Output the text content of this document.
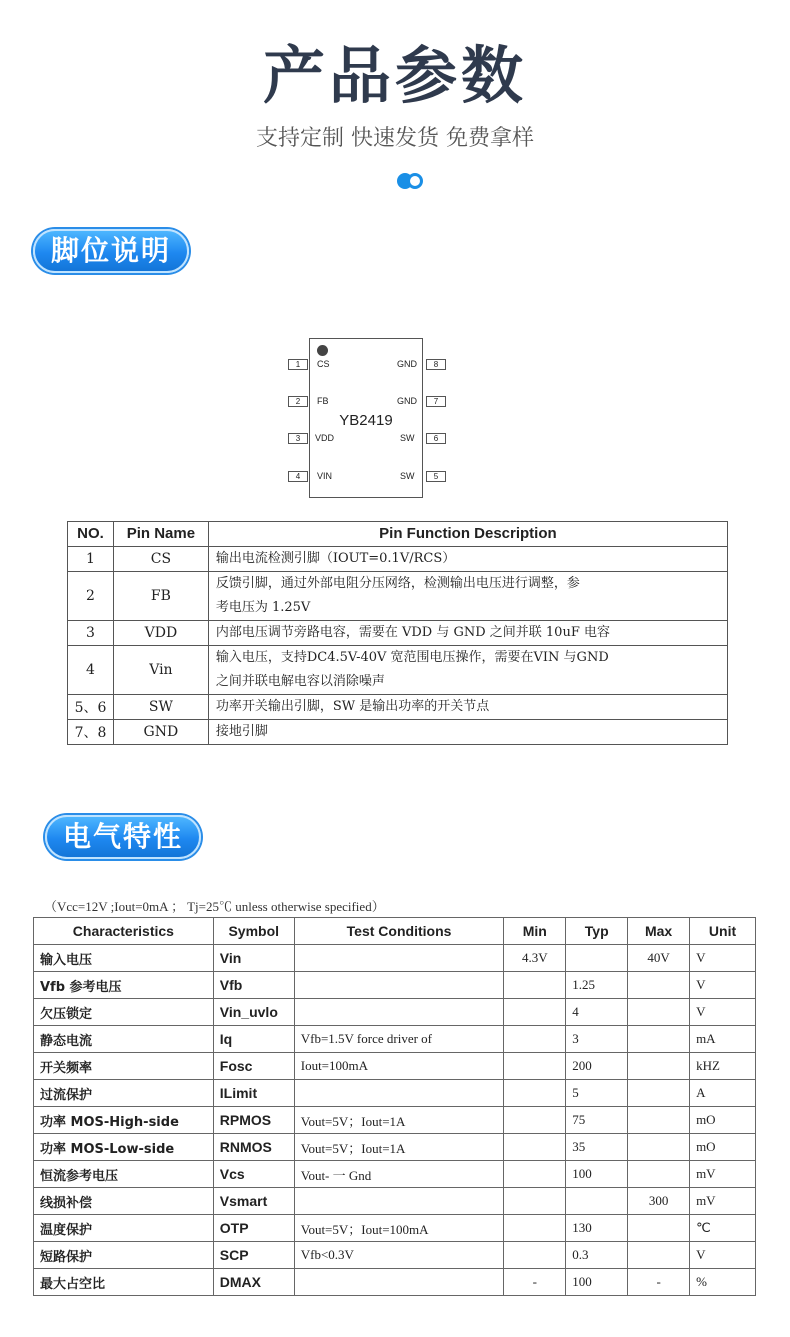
产品参数
支持定制 快速发货 免费拿样
脚位说明
YB2419
1	CS
2	FB
3	VDD
4	VIN
8
GND
7
GND
6
SW
5
SW
NO.	Pin Name	Pin Function Description
1	CS	输出电流检测引脚（IOUT=0.1V/RCS）
2	FB	反馈引脚，通过外部电阻分压网络，检测输出电压进行调整，参
		考电压为 1.25V
3	VDD	内部电压调节旁路电容，需要在 VDD 与 GND 之间并联 10uF 电容
4	Vin	输入电压，支持DC4.5V-40V 宽范围电压操作，需要在VIN 与GND
		之间并联电解电容以消除噪声
5、6	SW	功率开关输出引脚，SW 是输出功率的开关节点
7、8	GND	接地引脚
电气特性
（Vcc=12V ;Iout=0mA ； Tj=25℃ unless otherwise specified）
Characteristics	Symbol	Test Conditions	Min	Typ	Max	Unit
输入电压	Vin		4.3V		40V	V
Vfb 参考电压	Vfb			1.25		V
欠压锁定	Vin_uvlo			4		V
静态电流	Iq	Vfb=1.5V force driver of		3		mA
开关频率	Fosc	Iout=100mA		200		kHZ
过流保护	ILimit			5		A
功率 MOS-High-side	RPMOS	Vout=5V；Iout=1A		75		mO
功率 MOS-Low-side	RNMOS	Vout=5V；Iout=1A		35		mO
恒流参考电压	Vcs	Vout- 一 Gnd		100		mV
线损补偿	Vsmart				300	mV
温度保护	OTP	Vout=5V；Iout=100mA		130		℃
短路保护	SCP	Vfb<0.3V		0.3		V
最大占空比	DMAX		-	100	-	%
